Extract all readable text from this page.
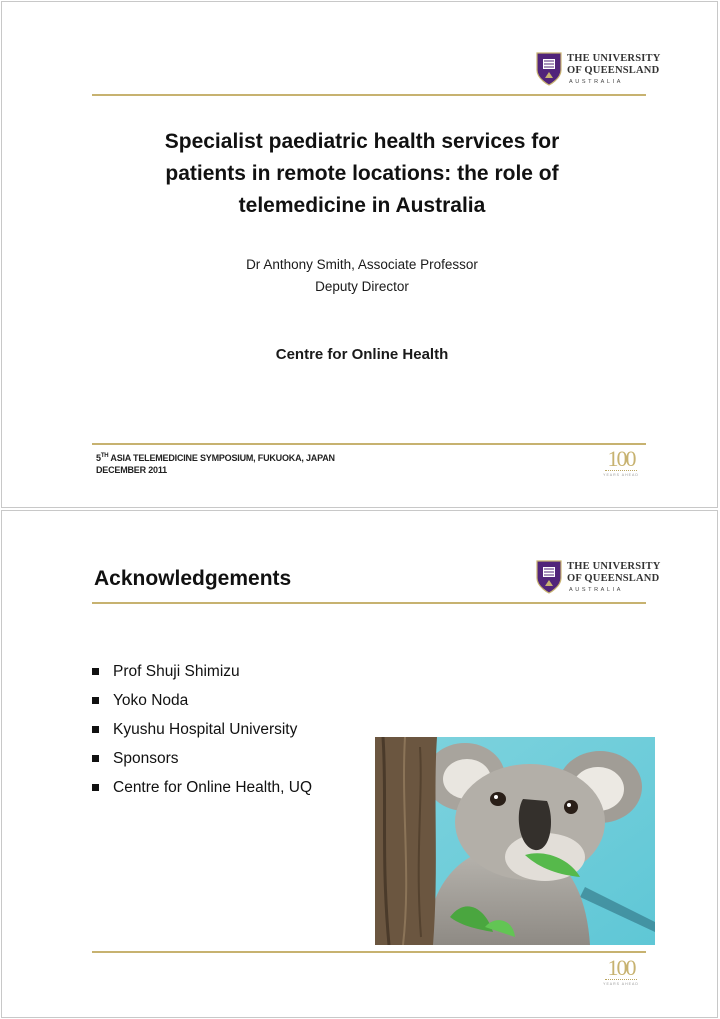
THE UNIVERSITY
OF QUEENSLAND
AUSTRALIA
Specialist paediatric health services for
patients in remote locations: the role of
telemedicine in Australia
Dr Anthony Smith, Associate Professor
Deputy Director
Centre for Online Health
5TH ASIA TELEMEDICINE SYMPOSIUM, FUKUOKA, JAPAN
DECEMBER 2011	100
YEARS AHEAD
THE UNIVERSITY
OF QUEENSLAND
AUSTRALIA
Acknowledgements
Prof Shuji Shimizu
Yoko Noda
Kyushu Hospital University
Sponsors
Centre for Online Health, UQ
100
YEARS AHEAD
